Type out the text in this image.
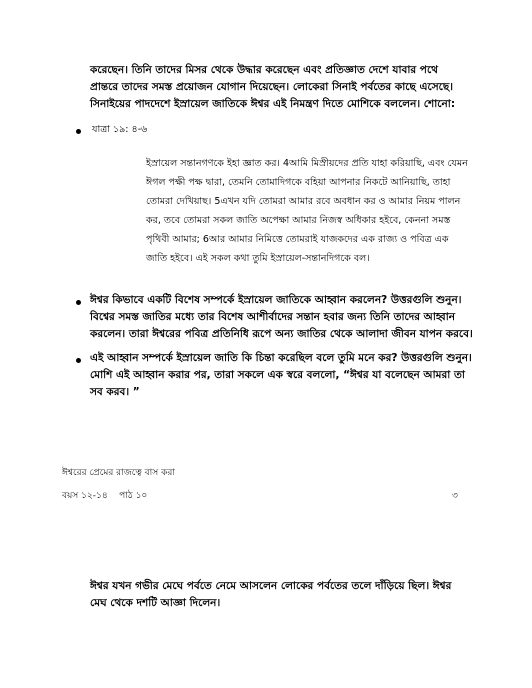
করেছেন। তিনি তাদের মিসর থেকে উদ্ধার করেছেন এবং প্রতিজ্ঞাত দেশে যাবার পথে প্রান্তরে তাদের সমস্ত প্রয়োজন যোগান দিয়েছেন। লোকেরা সিনাই পর্বতের কাছে এসেছে। সিনাইয়ের পাদদেশে ইস্রায়েল জাতিকে ঈশ্বর এই নিমন্ত্রণ দিতে মোশিকে বললেন। শোনো:

যাত্রা ১৯: ৪-৬

ইস্রায়েল সন্তানগণকে ইহা জ্ঞাত কর। 4আমি মিস্রীয়দের প্রতি যাহা করিয়াছি, এবং যেমন ঈগল পক্ষী পক্ষ দ্বারা, তেমনি তোমাদিগকে বহিয়া আপনার নিকটে আনিয়াছি, তাহা তোমরা দেখিয়াছ। 5এখন যদি তোমরা আমার রবে অবধান কর ও আমার নিয়ম পালন কর, তবে তোমরা সকল জাতি অপেক্ষা আমার নিজস্ব অধিকার হইবে, কেননা সমস্ত পৃথিবী আমার; 6আর আমার নিমিত্তে তোমরাই যাজকদের এক রাজ্য ও পবিত্র এক জাতি হইবে। এই সকল কথা তুমি ইস্রায়েল-সন্তানদিগকে বল।

ঈশ্বর কিভাবে একটি বিশেষ সম্পর্কে ইস্রায়েল জাতিকে আহ্বান করলেন? উত্তরগুলি শুনুন। বিশ্বের সমস্ত জাতির মধ্যে তার বিশেষ আশীর্বাদের সন্তান হবার জন্য তিনি তাদের আহ্বান করলেন। তারা ঈশ্বরের পবিত্র প্রতিনিধি রূপে অন্য জাতির থেকে আলাদা জীবন যাপন করবে।

এই আহ্বান সম্পর্কে ইস্রায়েল জাতি কি চিন্তা করেছিল বলে তুমি মনে কর? উত্তরগুলি শুনুন। মোশি এই আহ্বান করার পর, তারা সকলে এক স্বরে বললো, “ঈশ্বর যা বলেছেন আমরা তা সব করব। ”

ঈশ্বরের প্রেমের রাজত্বে বাস করা

বয়স ১২-১৪    পাঠ ১০	৩

ঈশ্বর যখন গভীর মেঘে পর্বতে নেমে আসলেন লোকের পর্বতের তলে দাঁড়িয়ে ছিল। ঈশ্বর মেঘ থেকে দশটি আজ্ঞা দিলেন।
